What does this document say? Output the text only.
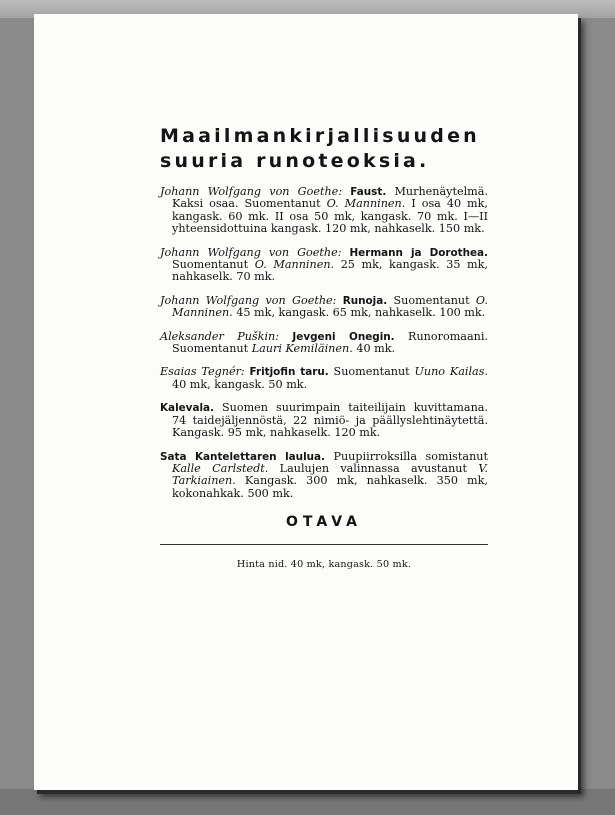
Maailmankirjallisuuden
suuria runoteoksia.

Johann Wolfgang von Goethe: Faust. Murhenäytelmä. Kaksi osaa. Suomentanut O. Manninen. I osa 40 mk, kangask. 60 mk. II osa 50 mk, kangask. 70 mk. I—II yhteensidottuina kangask. 120 mk, nahkaselk. 150 mk.

Johann Wolfgang von Goethe: Hermann ja Dorothea. Suomentanut O. Manninen. 25 mk, kangask. 35 mk, nahkaselk. 70 mk.

Johann Wolfgang von Goethe: Runoja. Suomentanut O. Manninen. 45 mk, kangask. 65 mk, nahkaselk. 100 mk.

Aleksander Puškin: Jevgeni Onegin. Runoromaani. Suomentanut Lauri Kemiläinen. 40 mk.

Esaias Tegnér: Fritjofin taru. Suomentanut Uuno Kailas. 40 mk, kangask. 50 mk.

Kalevala. Suomen suurimpain taiteilijain kuvittamana. 74 taidejäljennöstä, 22 nimiö- ja päällyslehtinäytettä. Kangask. 95 mk, nahkaselk. 120 mk.

Sata Kantelettaren laulua. Puupiirroksilla somistanut Kalle Carlstedt. Laulujen valinnassa avustanut V. Tarkiainen. Kangask. 300 mk, nahkaselk. 350 mk, kokonahkak. 500 mk.

OTAVA
Hinta nid. 40 mk, kangask. 50 mk.
